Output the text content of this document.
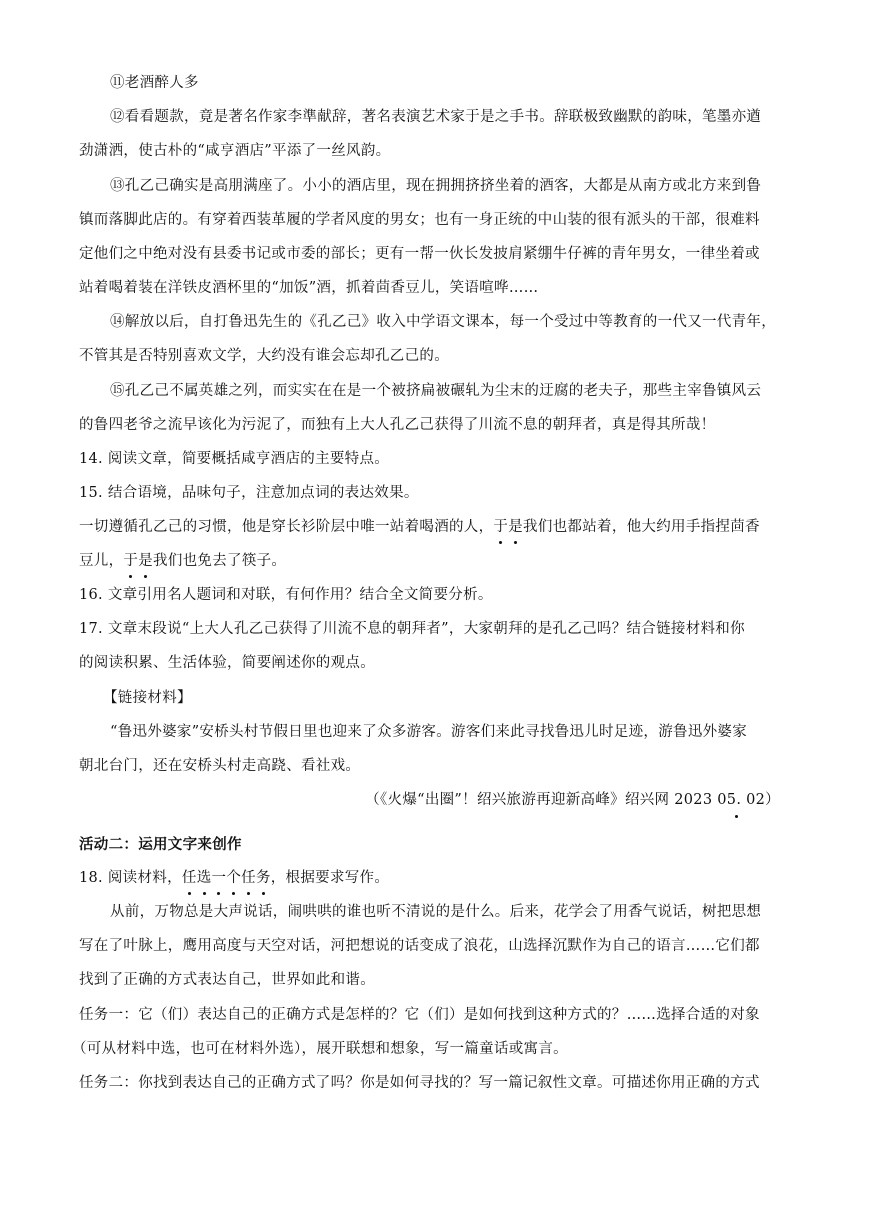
⑪老酒醉人多
⑫看看题款，竟是著名作家李準献辞，著名表演艺术家于是之手书。辞联极致幽默的韵味，笔墨亦遒
劲潇洒，使古朴的“咸亨酒店”平添了一丝风韵。
⑬孔乙己确实是高朋满座了。小小的酒店里，现在拥拥挤挤坐着的酒客，大都是从南方或北方来到鲁
镇而落脚此店的。有穿着西装革履的学者风度的男女；也有一身正统的中山装的很有派头的干部，很难料
定他们之中绝对没有县委书记或市委的部长；更有一帮一伙长发披肩紧绷牛仔裤的青年男女，一律坐着或
站着喝着装在洋铁皮酒杯里的“加饭”酒，抓着茴香豆儿，笑语喧哗……
⑭解放以后，自打鲁迅先生的《孔乙己》收入中学语文课本，每一个受过中等教育的一代又一代青年，
不管其是否特别喜欢文学，大约没有谁会忘却孔乙己的。
⑮孔乙己不属英雄之列，而实实在在是一个被挤扁被碾轧为尘末的迂腐的老夫子，那些主宰鲁镇风云
的鲁四老爷之流早该化为污泥了，而独有上大人孔乙己获得了川流不息的朝拜者，真是得其所哉！
14. 阅读文章，简要概括咸亨酒店的主要特点。
15. 结合语境，品味句子，注意加点词的表达效果。
一切遵循孔乙己的习惯，他是穿长衫阶层中唯一站着喝酒的人，于是我们也都站着，他大约用手指捏茴香
豆儿，于是我们也免去了筷子。
16. 文章引用名人题词和对联，有何作用？结合全文简要分析。
17. 文章末段说“上大人孔乙己获得了川流不息的朝拜者”，大家朝拜的是孔乙己吗？结合链接材料和你
的阅读积累、生活体验，简要阐述你的观点。
【链接材料】
“鲁迅外婆家”安桥头村节假日里也迎来了众多游客。游客们来此寻找鲁迅儿时足迹，游鲁迅外婆家
朝北台门，还在安桥头村走高跷、看社戏。
（《火爆“出圈”！绍兴旅游再迎新高峰》绍兴网 2023 05. 02）
活动二：运用文字来创作
18. 阅读材料，任选一个任务，根据要求写作。
从前，万物总是大声说话，闹哄哄的谁也听不清说的是什么。后来，花学会了用香气说话，树把思想
写在了叶脉上，鹰用高度与天空对话，河把想说的话变成了浪花，山选择沉默作为自己的语言……它们都
找到了正确的方式表达自己，世界如此和谐。
任务一：它（们）表达自己的正确方式是怎样的？它（们）是如何找到这种方式的？……选择合适的对象
（可从材料中选，也可在材料外选），展开联想和想象，写一篇童话或寓言。
任务二：你找到表达自己的正确方式了吗？你是如何寻找的？写一篇记叙性文章。可描述你用正确的方式
